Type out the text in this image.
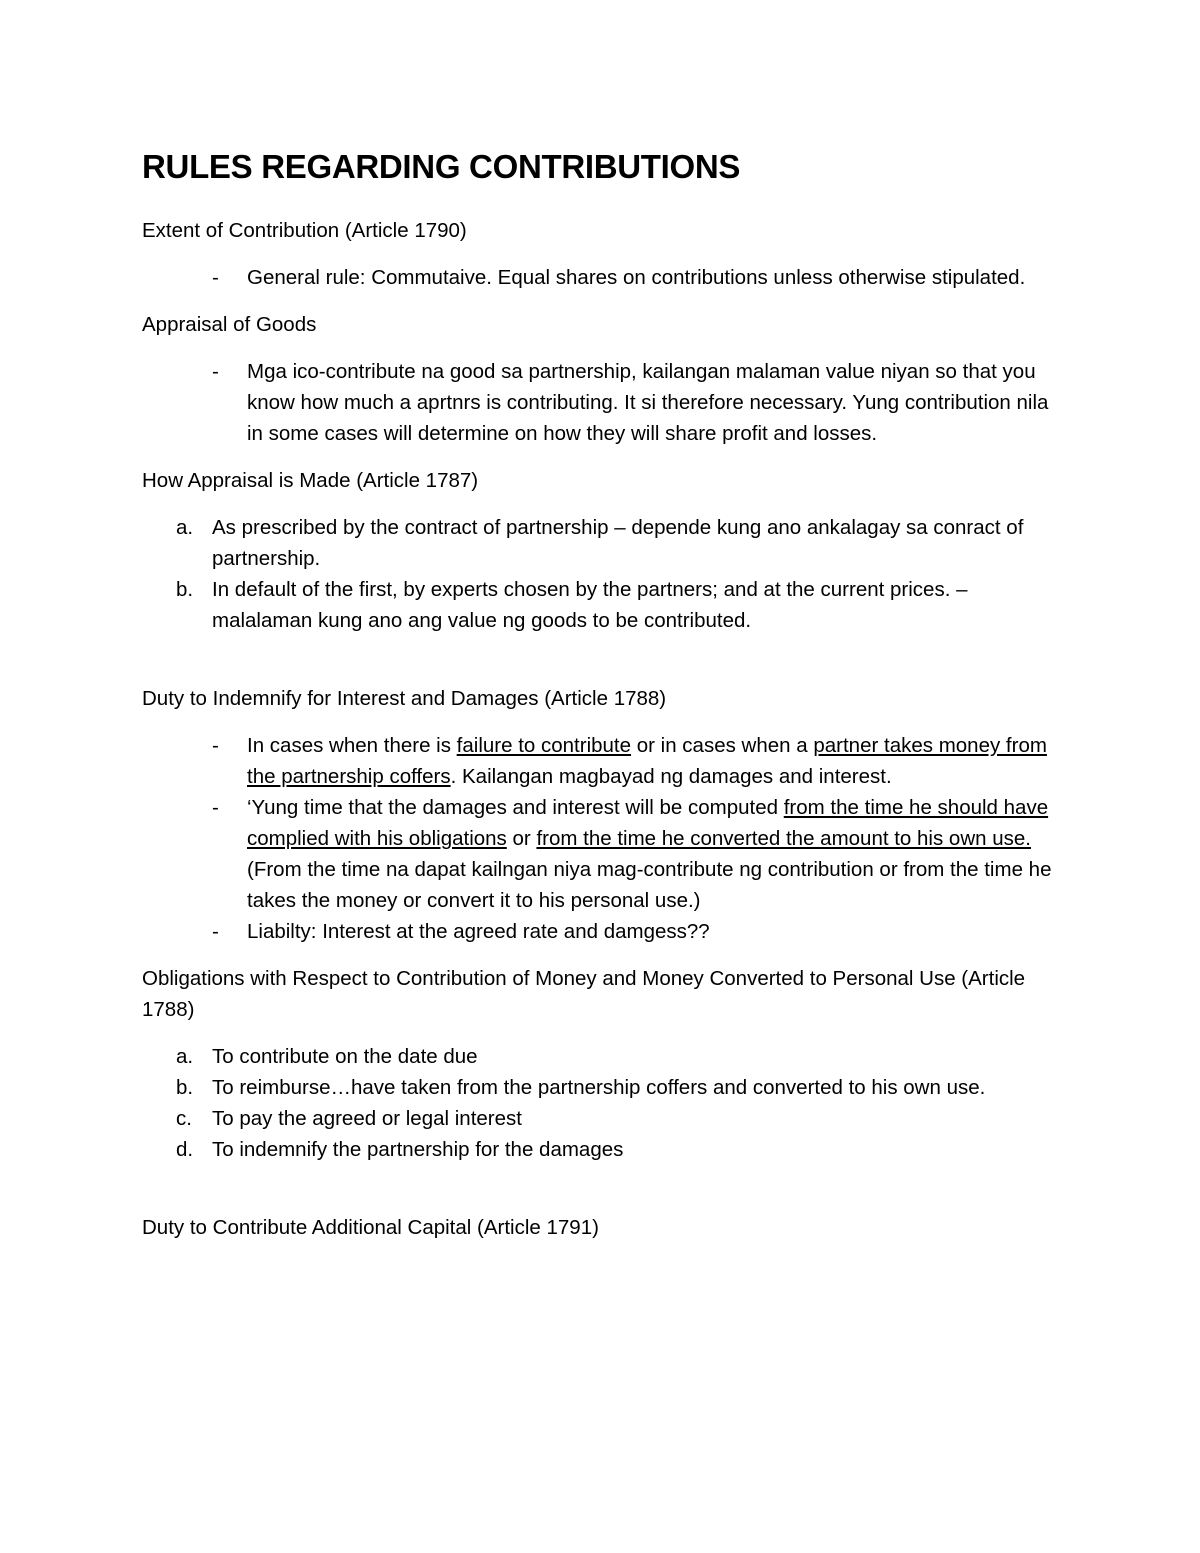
RULES REGARDING CONTRIBUTIONS

Extent of Contribution (Article 1790)

- General rule: Commutaive. Equal shares on contributions unless otherwise stipulated.

Appraisal of Goods

- Mga ico-contribute na good sa partnership, kailangan malaman value niyan so that you know how much a aprtnrs is contributing. It si therefore necessary. Yung contribution nila in some cases will determine on how they will share profit and losses.

How Appraisal is Made (Article 1787)

a. As prescribed by the contract of partnership – depende kung ano ankalagay sa conract of partnership.
b. In default of the first, by experts chosen by the partners; and at the current prices. – malalaman kung ano ang value ng goods to be contributed.

Duty to Indemnify for Interest and Damages (Article 1788)

- In cases when there is failure to contribute or in cases when a partner takes money from the partnership coffers. Kailangan magbayad ng damages and interest.
- ‘Yung time that the damages and interest will be computed from the time he should have complied with his obligations or from the time he converted the amount to his own use. (From the time na dapat kailngan niya mag-contribute ng contribution or from the time he takes the money or convert it to his personal use.)
- Liabilty: Interest at the agreed rate and damgess??

Obligations with Respect to Contribution of Money and Money Converted to Personal Use (Article 1788)

a. To contribute on the date due
b. To reimburse…have taken from the partnership coffers and converted to his own use.
c. To pay the agreed or legal interest
d. To indemnify the partnership for the damages

Duty to Contribute Additional Capital (Article 1791)
